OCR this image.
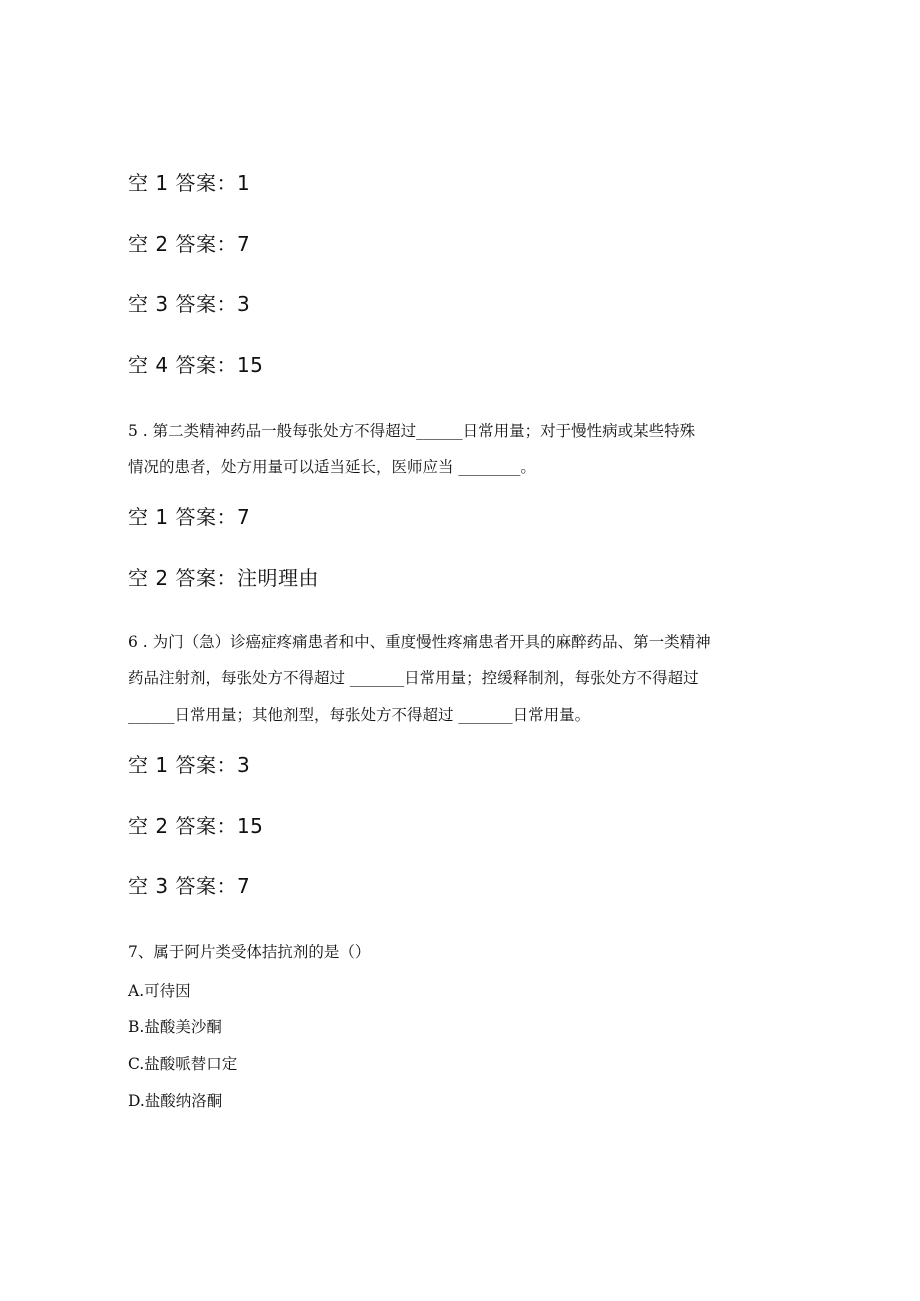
空 1 答案：1
空 2 答案：7
空 3 答案：3
空 4 答案：15
5 . 第二类精神药品一般每张处方不得超过______日常用量；对于慢性病或某些特殊
情况的患者，处方用量可以适当延长，医师应当 ________。
空 1 答案：7
空 2 答案：注明理由
6 . 为门（急）诊癌症疼痛患者和中、重度慢性疼痛患者开具的麻醉药品、第一类精神
药品注射剂，每张处方不得超过 _______日常用量；控缓释制剂，每张处方不得超过
______日常用量；其他剂型，每张处方不得超过 _______日常用量。
空 1 答案：3
空 2 答案：15
空 3 答案：7
7、属于阿片类受体拮抗剂的是（）
A.可待因
B.盐酸美沙酮
C.盐酸哌替口定
D.盐酸纳洛酮
